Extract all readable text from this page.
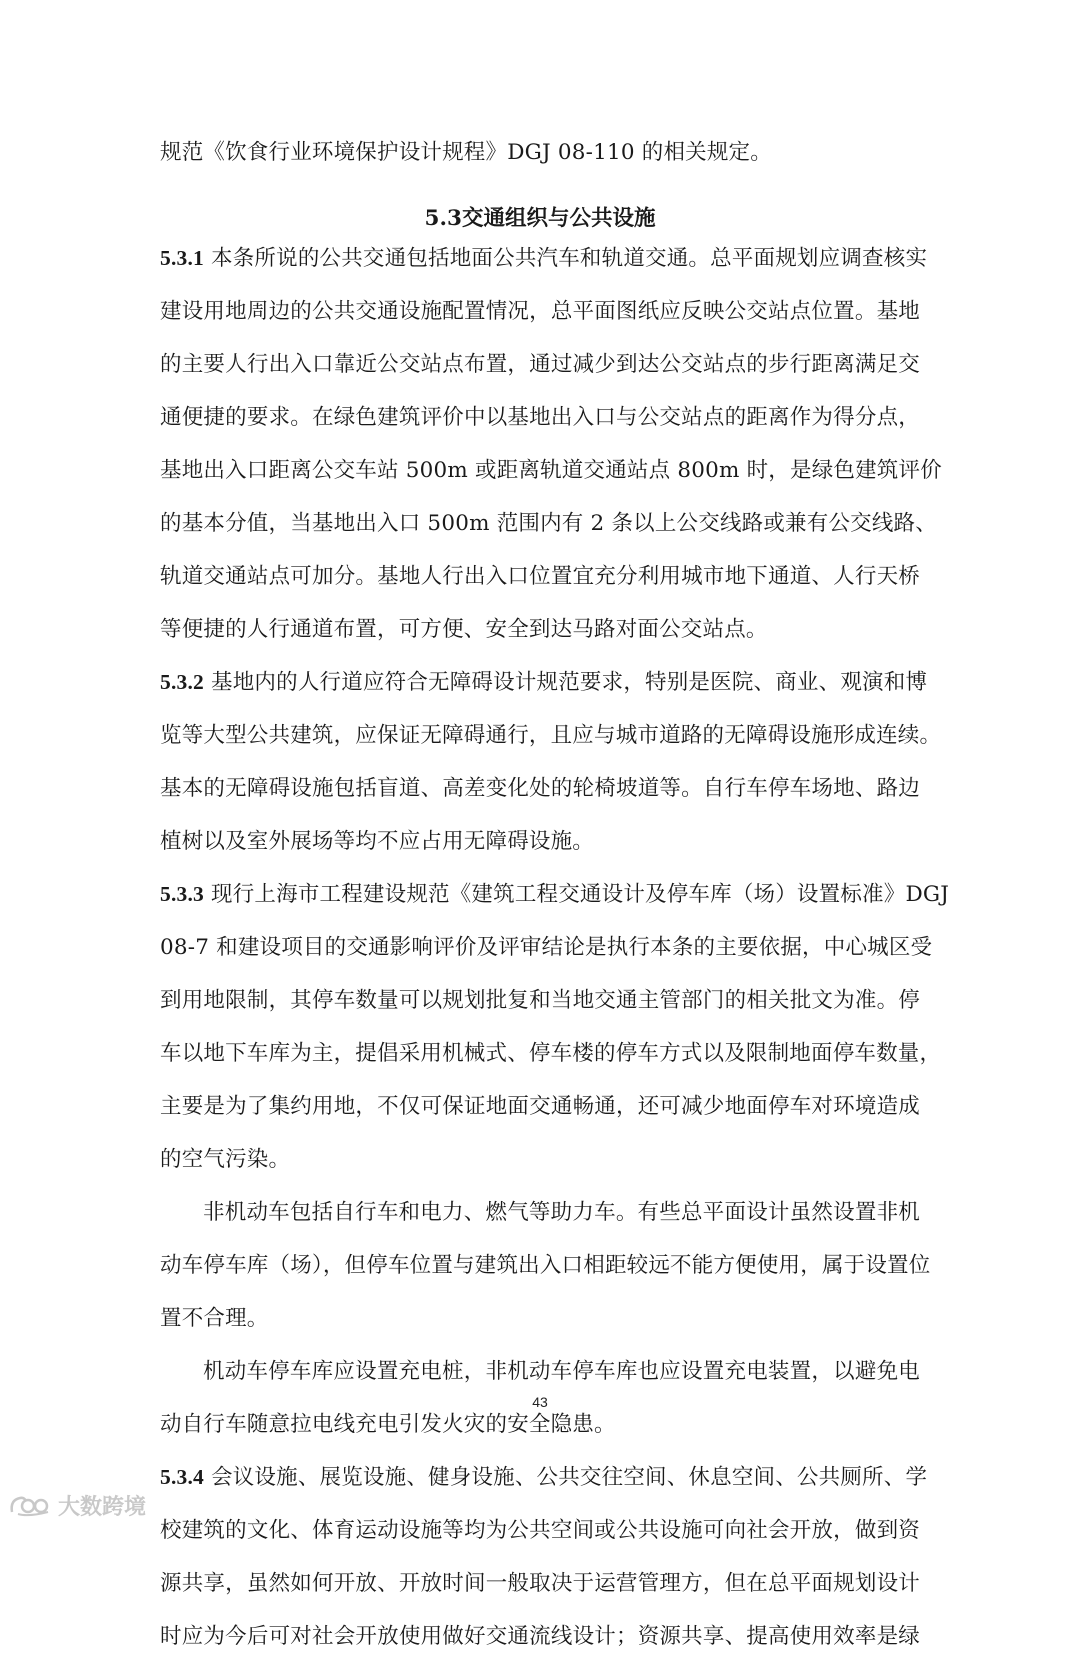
规范《饮食行业环境保护设计规程》DGJ 08-110 的相关规定。
5.3交通组织与公共设施
5.3.1 本条所说的公共交通包括地面公共汽车和轨道交通。总平面规划应调查核实
建设用地周边的公共交通设施配置情况，总平面图纸应反映公交站点位置。基地
的主要人行出入口靠近公交站点布置，通过减少到达公交站点的步行距离满足交
通便捷的要求。在绿色建筑评价中以基地出入口与公交站点的距离作为得分点，
基地出入口距离公交车站 500m 或距离轨道交通站点 800m 时，是绿色建筑评价
的基本分值，当基地出入口 500m 范围内有 2 条以上公交线路或兼有公交线路、
轨道交通站点可加分。基地人行出入口位置宜充分利用城市地下通道、人行天桥
等便捷的人行通道布置，可方便、安全到达马路对面公交站点。
5.3.2 基地内的人行道应符合无障碍设计规范要求，特别是医院、商业、观演和博
览等大型公共建筑，应保证无障碍通行，且应与城市道路的无障碍设施形成连续。
基本的无障碍设施包括盲道、高差变化处的轮椅坡道等。自行车停车场地、路边
植树以及室外展场等均不应占用无障碍设施。
5.3.3 现行上海市工程建设规范《建筑工程交通设计及停车库（场）设置标准》DGJ
08-7 和建设项目的交通影响评价及评审结论是执行本条的主要依据，中心城区受
到用地限制，其停车数量可以规划批复和当地交通主管部门的相关批文为准。停
车以地下车库为主，提倡采用机械式、停车楼的停车方式以及限制地面停车数量，
主要是为了集约用地，不仅可保证地面交通畅通，还可减少地面停车对环境造成
的空气污染。
非机动车包括自行车和电力、燃气等助力车。有些总平面设计虽然设置非机
动车停车库（场），但停车位置与建筑出入口相距较远不能方便使用，属于设置位
置不合理。
机动车停车库应设置充电桩，非机动车停车库也应设置充电装置，以避免电
动自行车随意拉电线充电引发火灾的安全隐患。
5.3.4 会议设施、展览设施、健身设施、公共交往空间、休息空间、公共厕所、学
校建筑的文化、体育运动设施等均为公共空间或公共设施可向社会开放，做到资
源共享，虽然如何开放、开放时间一般取决于运营管理方，但在总平面规划设计
时应为今后可对社会开放使用做好交通流线设计；资源共享、提高使用效率是绿
43
大数跨境
